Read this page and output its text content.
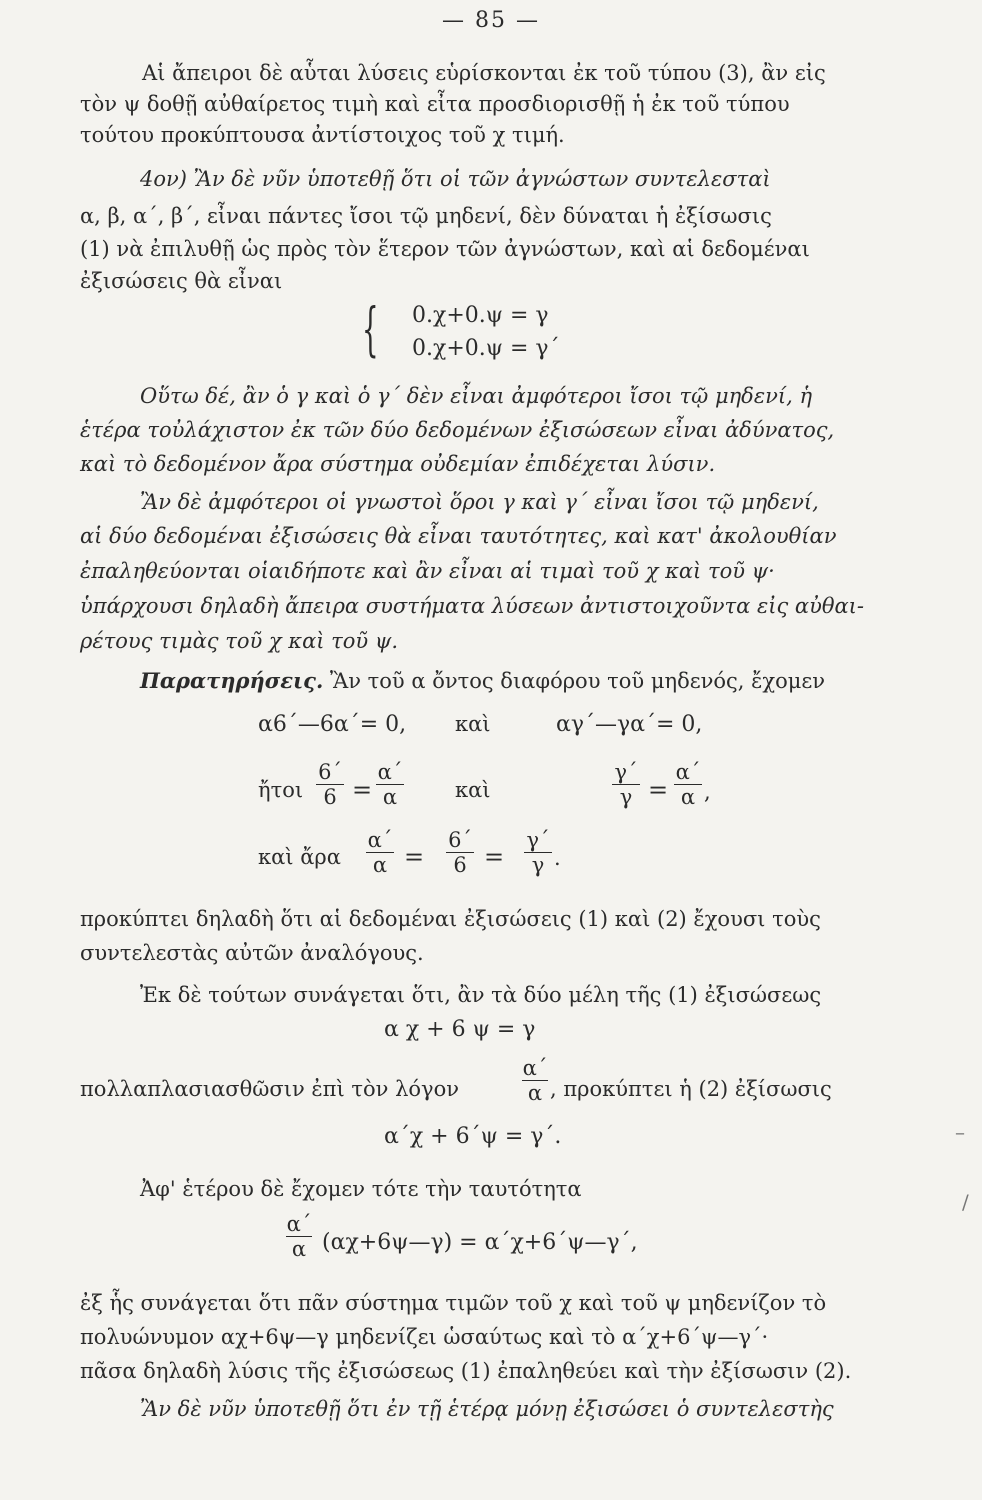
— 85 —
Αἱ ἄπειροι δὲ αὗται λύσεις εὑρίσκονται ἐκ τοῦ τύπου (3), ἂν εἰς
τὸν ψ δοθῇ αὐθαίρετος τιμὴ καὶ εἶτα προσδιορισθῇ ἡ ἐκ τοῦ τύπου
τούτου προκύπτουσα ἀντίστοιχος τοῦ χ τιμή.
4ον) Ἂν δὲ νῦν ὑποτεθῇ ὅτι οἱ τῶν ἀγνώστων συντελεσταὶ
α, β, α΄, β΄, εἶναι πάντες ἴσοι τῷ μηδενί, δὲν δύναται ἡ ἐξίσωσις
(1) νὰ ἐπιλυθῇ ὡς πρὸς τὸν ἕτερον τῶν ἀγνώστων, καὶ αἱ δεδομέναι
ἐξισώσεις θὰ εἶναι
{ 0.χ+0.ψ = γ
0.χ+0.ψ = γ΄
Οὕτω δέ, ἂν ὁ γ καὶ ὁ γ΄ δὲν εἶναι ἀμφότεροι ἴσοι τῷ μηδενί, ἡ
ἑτέρα τοὐλάχιστον ἐκ τῶν δύο δεδομένων ἐξισώσεων εἶναι ἀδύνατος,
καὶ τὸ δεδομένον ἄρα σύστημα οὐδεμίαν ἐπιδέχεται λύσιν.
Ἂν δὲ ἀμφότεροι οἱ γνωστοὶ ὅροι γ καὶ γ΄ εἶναι ἴσοι τῷ μηδενί,
αἱ δύο δεδομέναι ἐξισώσεις θὰ εἶναι ταυτότητες, καὶ κατ' ἀκολουθίαν
ἐπαληθεύονται οἱαιδήποτε καὶ ἂν εἶναι αἱ τιμαὶ τοῦ χ καὶ τοῦ ψ·
ὑπάρχουσι δηλαδὴ ἄπειρα συστήματα λύσεων ἀντιστοιχοῦντα εἰς αὐθαι-
ρέτους τιμὰς τοῦ χ καὶ τοῦ ψ.
Παρατηρήσεις. Ἂν τοῦ α ὄντος διαφόρου τοῦ μηδενός, ἔχομεν
α6΄—6α΄= 0, καὶ	αγ΄—γα΄= 0,
ἤτοι
6΄
6 =
α΄
α	καὶ
γ΄
γ =
α΄
α ,
καὶ ἄρα
α΄
α =
6΄
6 =
γ΄
γ .
προκύπτει δηλαδὴ ὅτι αἱ δεδομέναι ἐξισώσεις (1) καὶ (2) ἔχουσι τοὺς
συντελεστὰς αὐτῶν ἀναλόγους.
Ἐκ δὲ τούτων συνάγεται ὅτι, ἂν τὰ δύο μέλη τῆς (1) ἐξισώσεως
α χ + 6 ψ = γ
πολλαπλασιασθῶσιν ἐπὶ τὸν λόγον
α΄
α , προκύπτει ἡ (2) ἐξίσωσις
α΄χ + 6΄ψ = γ΄.
Ἀφ' ἑτέρου δὲ ἔχομεν τότε τὴν ταυτότητα
α΄
α (αχ+6ψ—γ) = α΄χ+6΄ψ—γ΄,
ἐξ ἧς συνάγεται ὅτι πᾶν σύστημα τιμῶν τοῦ χ καὶ τοῦ ψ μηδενίζον τὸ
πολυώνυμον αχ+6ψ—γ μηδενίζει ὡσαύτως καὶ τὸ α΄χ+6΄ψ—γ΄·
πᾶσα δηλαδὴ λύσις τῆς ἐξισώσεως (1) ἐπαληθεύει καὶ τὴν ἐξίσωσιν (2).
Ἂν δὲ νῦν ὑποτεθῇ ὅτι ἐν τῇ ἑτέρᾳ μόνῃ ἐξισώσει ὁ συντελεστὴς
–
/
